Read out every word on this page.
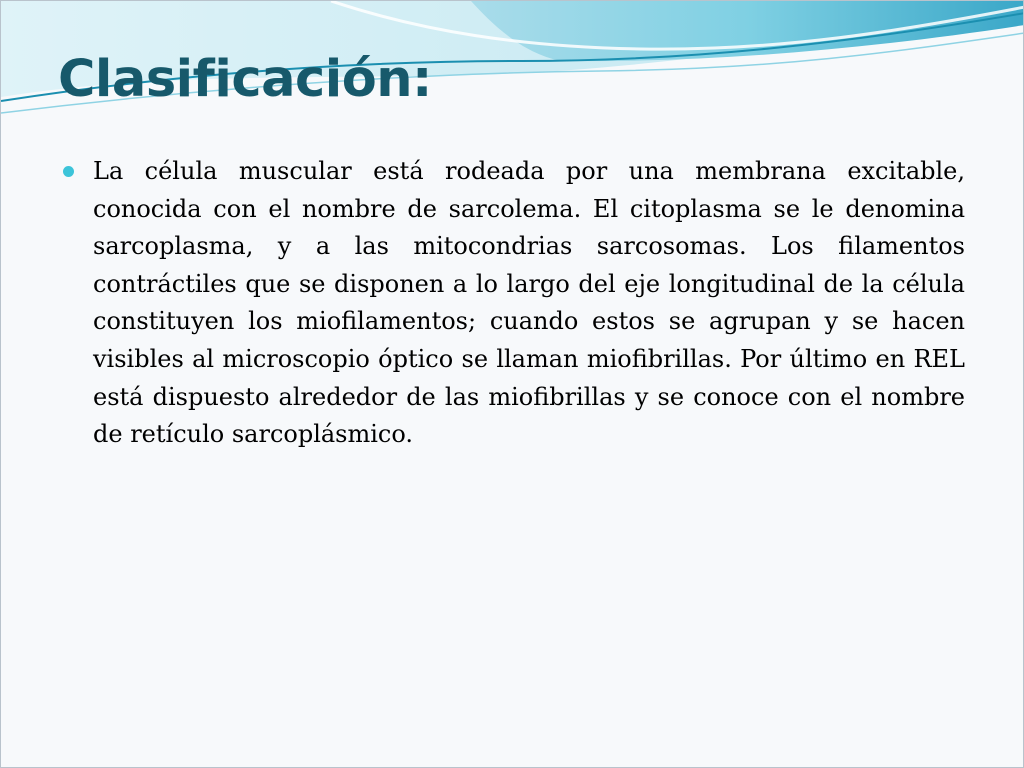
Clasificación:
La célula muscular está rodeada por una membrana excitable, conocida con el nombre de sarcolema. El citoplasma se le denomina sarcoplasma, y a las mitocondrias sarcosomas. Los filamentos contráctiles que se disponen a lo largo del eje longitudinal de la célula constituyen los miofilamentos; cuando estos se agrupan y se hacen visibles al microscopio óptico se llaman miofibrillas. Por último en REL está dispuesto alrededor de las miofibrillas y se conoce con el nombre de retículo sarcoplásmico.
